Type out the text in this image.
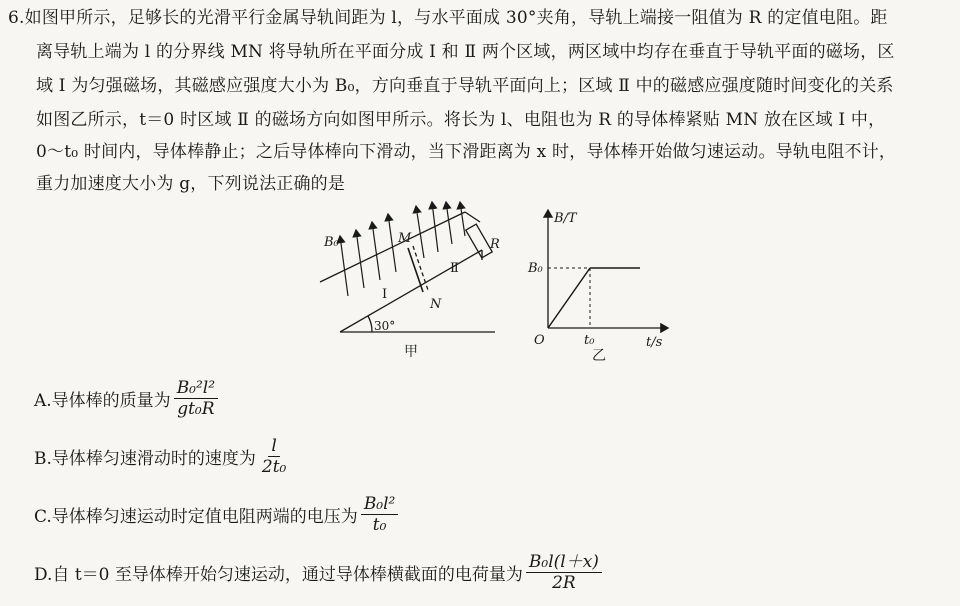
6.如图甲所示，足够长的光滑平行金属导轨间距为 l，与水平面成 30°夹角，导轨上端接一阻值为 R 的定值电阻。距
离导轨上端为 l 的分界线 MN 将导轨所在平面分成 Ⅰ 和 Ⅱ 两个区域，两区域中均存在垂直于导轨平面的磁场，区
域 Ⅰ 为匀强磁场，其磁感应强度大小为 B₀，方向垂直于导轨平面向上；区域 Ⅱ 中的磁感应强度随时间变化的关系
如图乙所示，t＝0 时区域 Ⅱ 的磁场方向如图甲所示。将长为 l、电阻也为 R 的导体棒紧贴 MN 放在区域 Ⅰ 中，
0～t₀ 时间内，导体棒静止；之后导体棒向下滑动，当下滑距离为 x 时，导体棒开始做匀速运动。导轨电阻不计，
重力加速度大小为 g，下列说法正确的是
B₀	M
N
R
Ⅰ
Ⅱ
30°
甲
B/T
t/s
O
B₀
t₀
乙
A.导体棒的质量为 $\frac{\text{B₀²l²}}{\text{gt₀R}}$
B.导体棒匀速滑动时的速度为 $\frac{l}{\text{2t₀}}$
C.导体棒匀速运动时定值电阻两端的电压为 $\frac{\text{B₀l²}}{\text{t₀}}$
D.自 t＝0 至导体棒开始匀速运动，通过导体棒横截面的电荷量为 $\frac{\text{B₀l(l＋x)}}{2R}$
